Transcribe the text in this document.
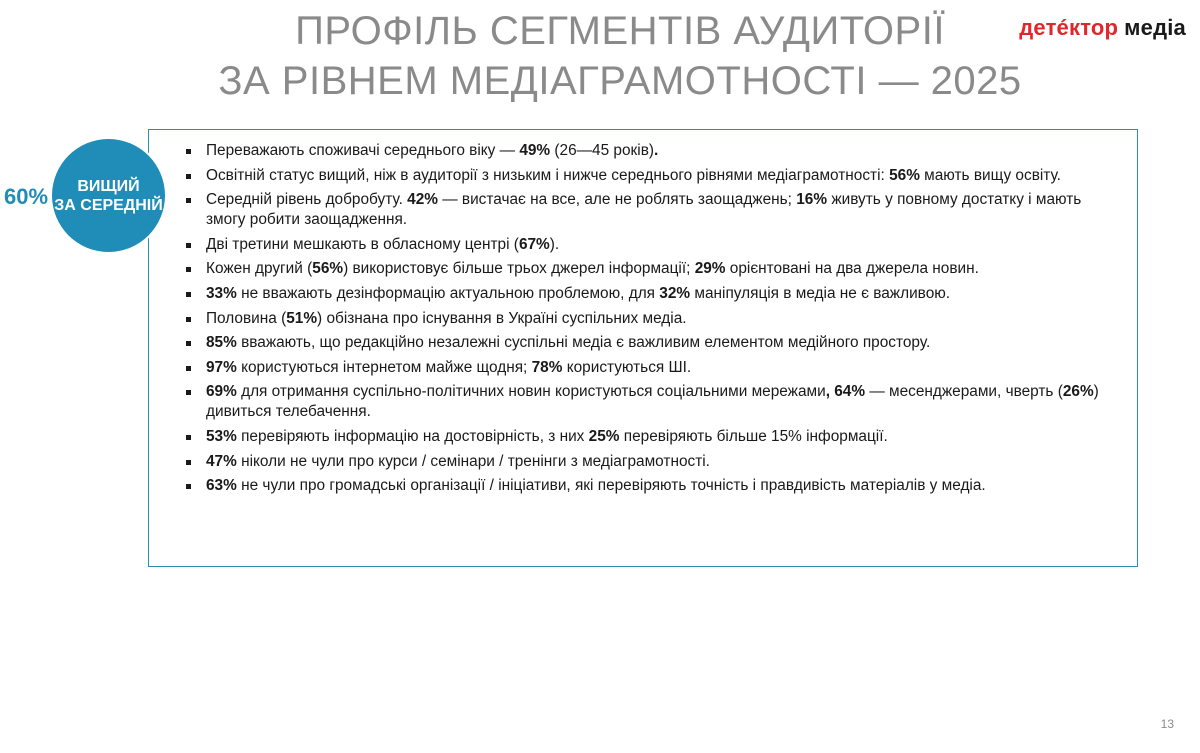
ПРОФІЛЬ СЕГМЕНТІВ АУДИТОРІЇ
ЗА РІВНЕМ МЕДІАГРАМОТНОСТІ — 2025
детéктор медіа
60% ВИЩИЙ
ЗА СЕРЕДНІЙ
Переважають споживачі середнього віку — 49% (26—45 років).
Освітній статус вищий, ніж в аудиторії з низьким і нижче середнього рівнями медіаграмотності: 56% мають вищу освіту.
Середній рівень добробуту. 42% — вистачає на все, але не роблять заощаджень; 16% живуть у повному достатку і мають змогу робити заощадження.
Дві третини мешкають в обласному центрі (67%).
Кожен другий (56%) використовує більше трьох джерел інформації; 29% орієнтовані на два джерела новин.
33% не вважають дезінформацію актуальною проблемою, для 32% маніпуляція в медіа не є важливою.
Половина (51%) обізнана про існування в Україні суспільних медіа.
85% вважають, що редакційно незалежні суспільні медіа є важливим елементом медійного простору.
97% користуються інтернетом майже щодня; 78% користуються ШІ.
69% для отримання суспільно-політичних новин користуються соціальними мережами, 64% — месенджерами, чверть (26%) дивиться телебачення.
53% перевіряють інформацію на достовірність, з них 25% перевіряють більше 15% інформації.
47% ніколи не чули про курси / семінари / тренінги з медіаграмотності.
63% не чули про громадські організації / ініціативи, які перевіряють точність і правдивість матеріалів у медіа.
13
